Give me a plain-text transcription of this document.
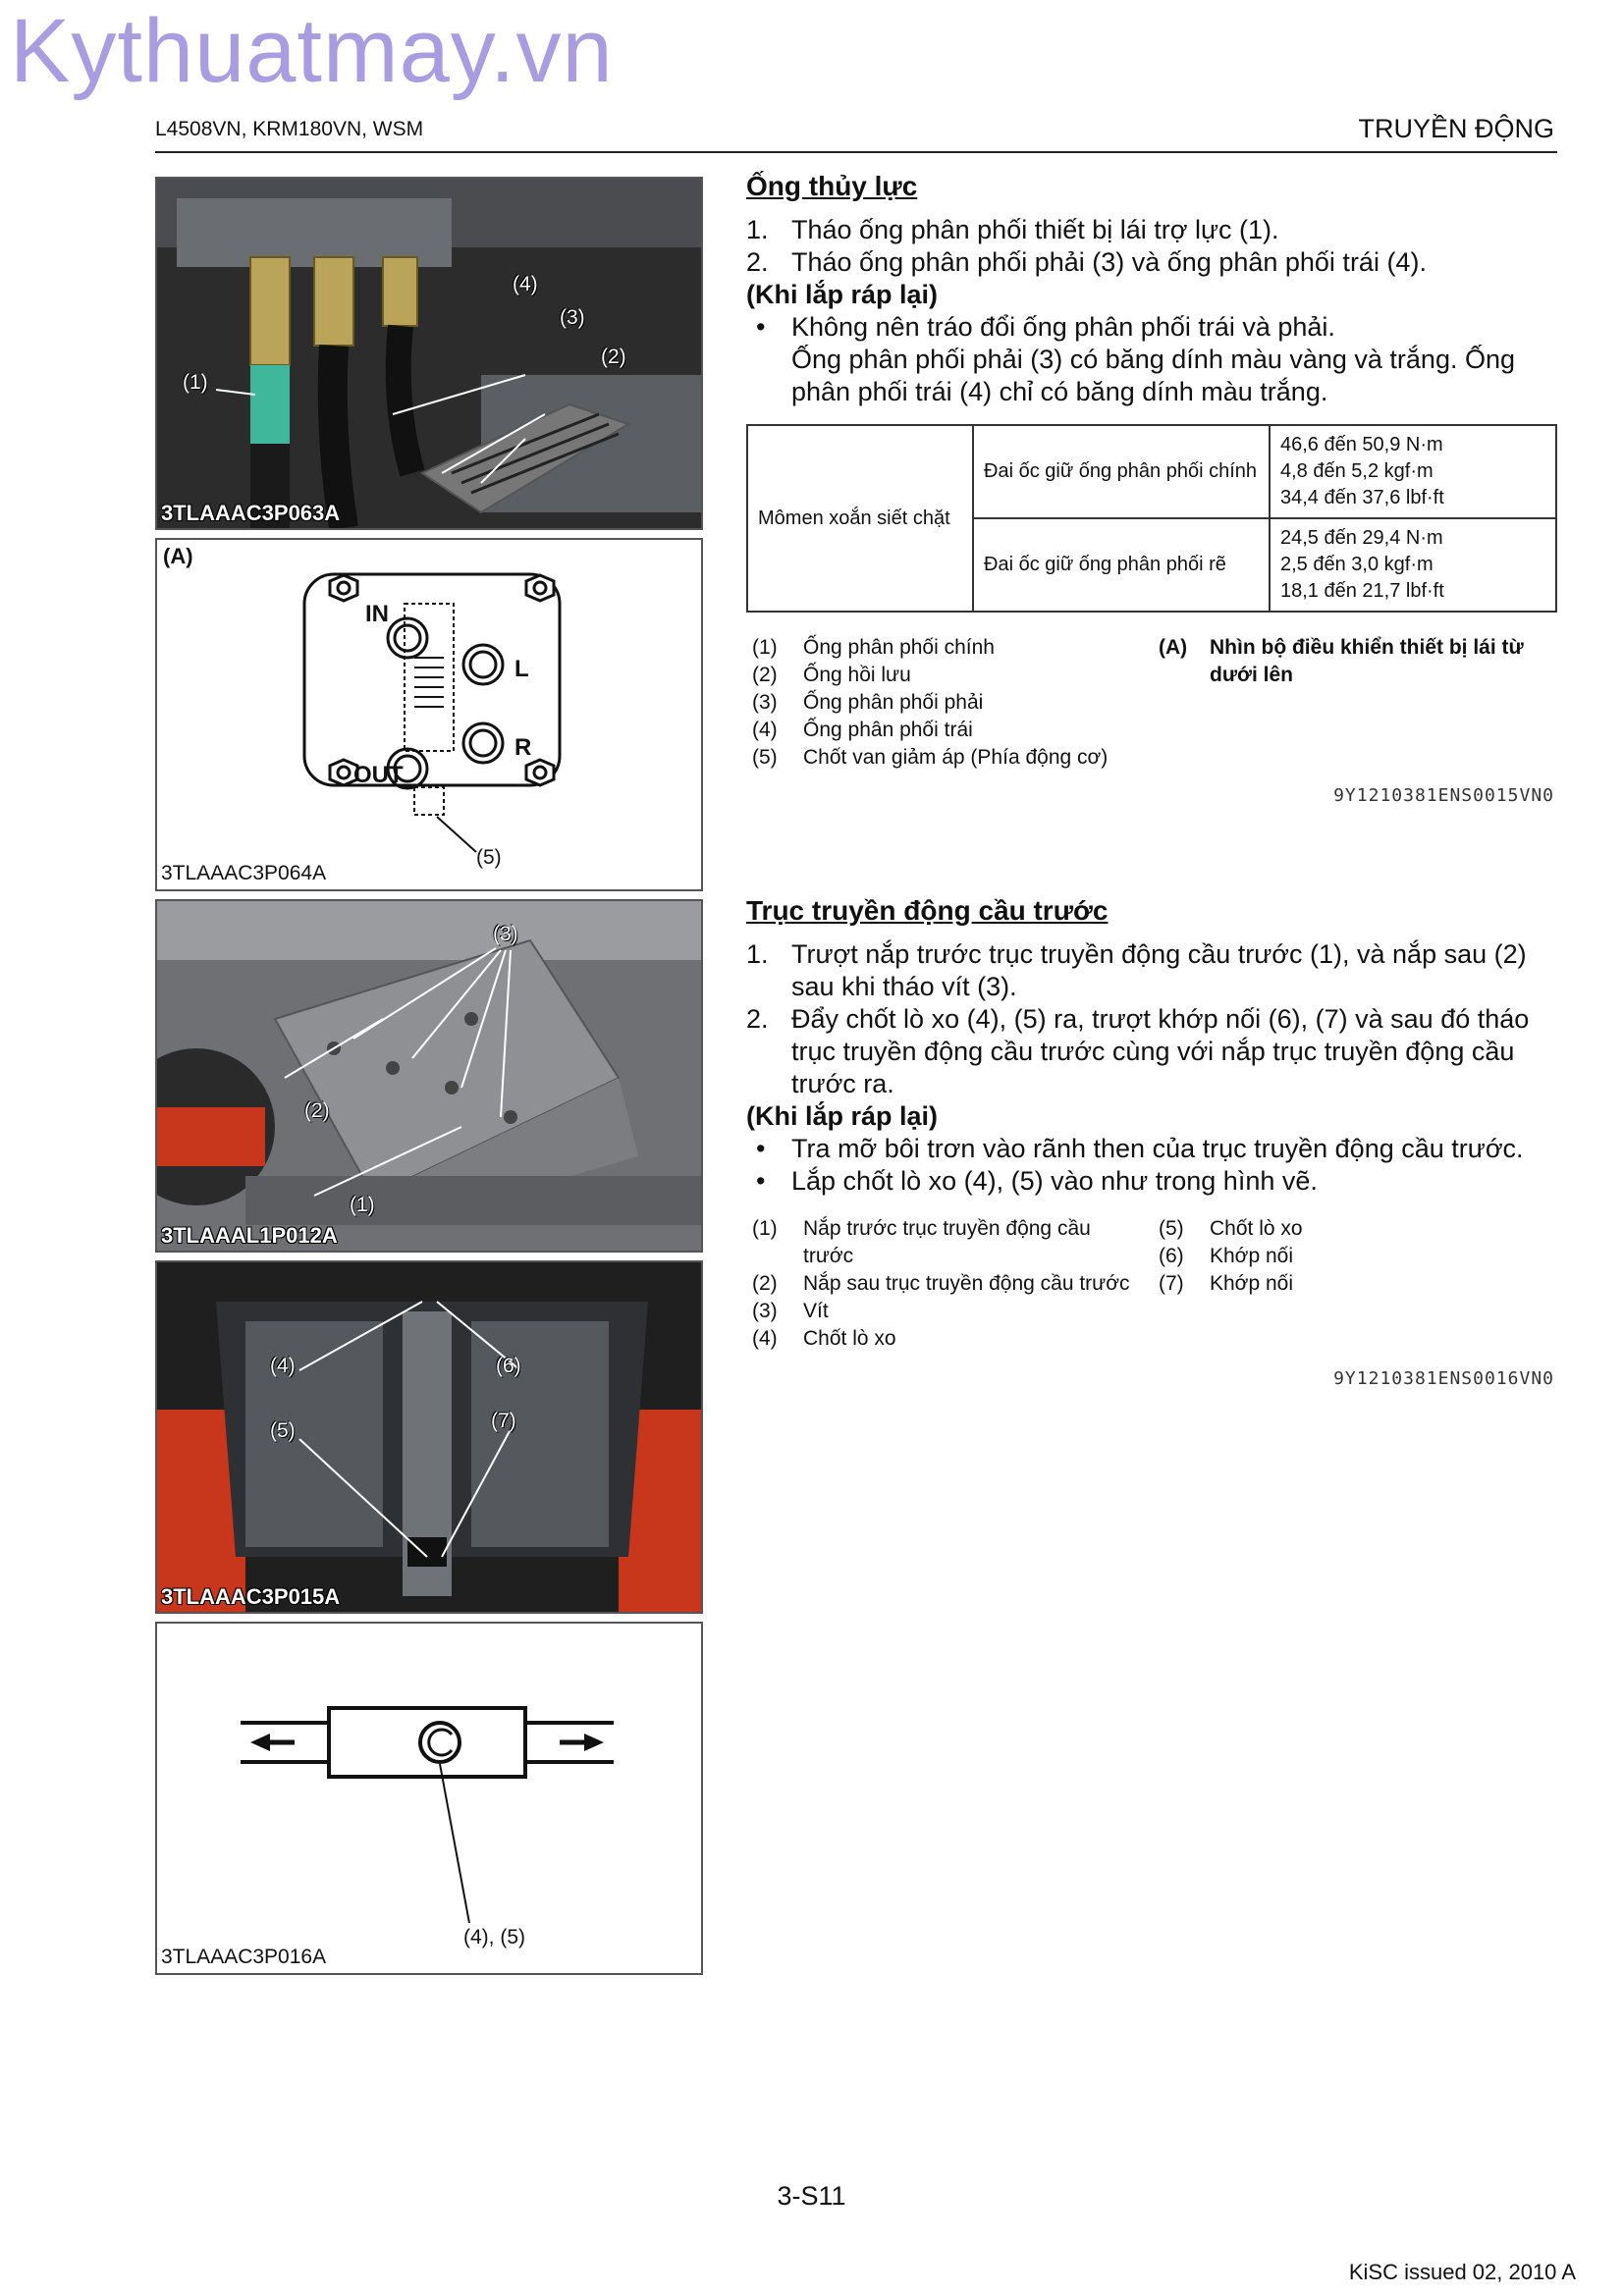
Kythuatmay.vn
L4508VN, KRM180VN, WSM	TRUYỀN ĐỘNG
(1)
(2)
(3)
(4)
3TLAAAC3P063A
(A)
IN
L
R
OUT
(5)
3TLAAAC3P064A
(3)
(2)
(1)
3TLAAAL1P012A
(4)	(6)
(5)	(7)
3TLAAAC3P015A
(4), (5)
3TLAAAC3P016A
Ống thủy lực
1. Tháo ống phân phối thiết bị lái trợ lực (1).
2. Tháo ống phân phối phải (3) và ống phân phối trái (4).
(Khi lắp ráp lại)
• Không nên tráo đổi ống phân phối trái và phải.
Ống phân phối phải (3) có băng dính màu vàng và trắng. Ống phân phối trái (4) chỉ có băng dính màu trắng.
Mômen xoắn siết chặt	Đai ốc giữ ống phân phối chính	46,6 đến 50,9 N·m
4,8 đến 5,2 kgf·m
34,4 đến 37,6 lbf·ft

	Đai ốc giữ ống phân phối rẽ	24,5 đến 29,4 N·m
2,5 đến 3,0 kgf·m
18,1 đến 21,7 lbf·ft
(1) Ống phân phối chính
(2) Ống hồi lưu
(3) Ống phân phối phải
(4) Ống phân phối trái
(5) Chốt van giảm áp (Phía động cơ)
(A) Nhìn bộ điều khiển thiết bị lái từ dưới lên
9Y1210381ENS0015VN0
Trục truyền động cầu trước
1. Trượt nắp trước trục truyền động cầu trước (1), và nắp sau (2) sau khi tháo vít (3).
2. Đẩy chốt lò xo (4), (5) ra, trượt khớp nối (6), (7) và sau đó tháo trục truyền động cầu trước cùng với nắp trục truyền động cầu trước ra.
(Khi lắp ráp lại)
• Tra mỡ bôi trơn vào rãnh then của trục truyền động cầu trước.
• Lắp chốt lò xo (4), (5) vào như trong hình vẽ.
(1) Nắp trước trục truyền động cầu trước
(2) Nắp sau trục truyền động cầu trước
(3) Vít
(4) Chốt lò xo
(5) Chốt lò xo
(6) Khớp nối
(7) Khớp nối
9Y1210381ENS0016VN0
3-S11
KiSC issued 02, 2010 A
